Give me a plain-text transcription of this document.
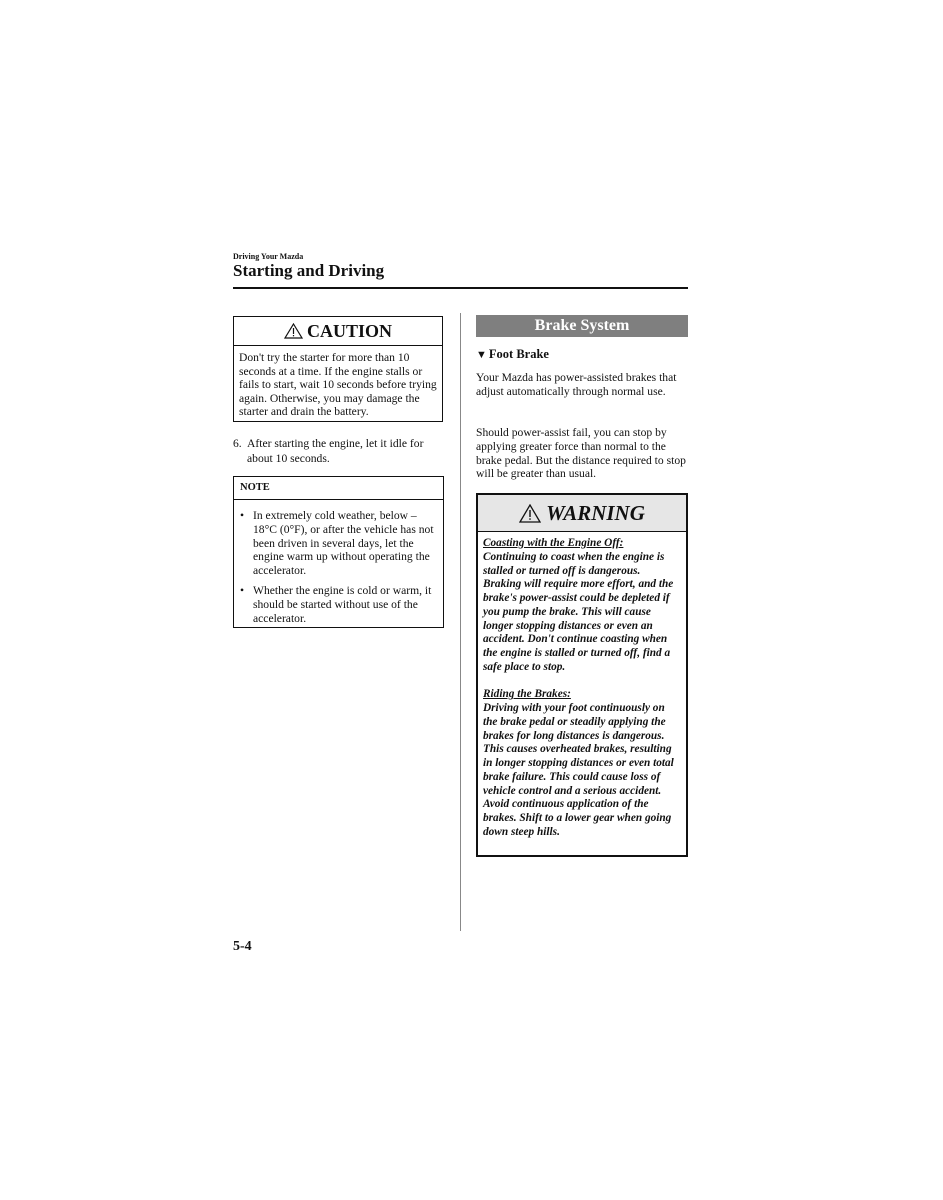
Driving Your Mazda
Starting and Driving
CAUTION
Don't try the starter for more than 10 seconds at a time. If the engine stalls or fails to start, wait 10 seconds before trying again. Otherwise, you may damage the starter and drain the battery.
6. After starting the engine, let it idle for about 10 seconds.
NOTE
• In extremely cold weather, below –18°C (0°F), or after the vehicle has not been driven in several days, let the engine warm up without operating the accelerator.
• Whether the engine is cold or warm, it should be started without use of the accelerator.
Brake System
▼ Foot Brake
Your Mazda has power-assisted brakes that adjust automatically through normal use.
Should power-assist fail, you can stop by applying greater force than normal to the brake pedal. But the distance required to stop will be greater than usual.
WARNING

Coasting with the Engine Off:
Continuing to coast when the engine is stalled or turned off is dangerous. Braking will require more effort, and the brake's power-assist could be depleted if you pump the brake. This will cause longer stopping distances or even an accident. Don't continue coasting when the engine is stalled or turned off, find a safe place to stop.

Riding the Brakes:
Driving with your foot continuously on the brake pedal or steadily applying the brakes for long distances is dangerous. This causes overheated brakes, resulting in longer stopping distances or even total brake failure. This could cause loss of vehicle control and a serious accident. Avoid continuous application of the brakes. Shift to a lower gear when going down steep hills.

5-4
